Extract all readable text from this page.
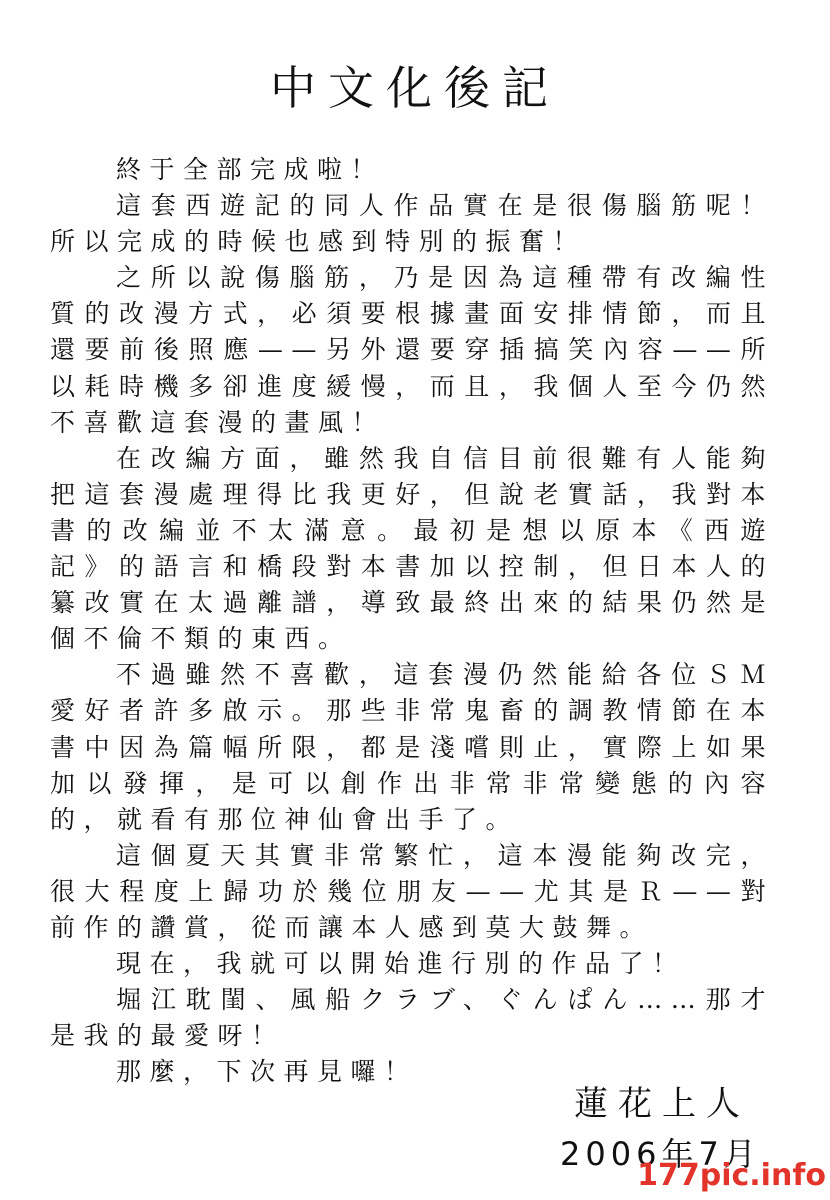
中文化後記

終于全部完成啦！

這套西遊記的同人作品實在是很傷腦筋呢！所以完成的時候也感到特別的振奮！

之所以說傷腦筋，乃是因為這種帶有改編性質的改漫方式，必須要根據畫面安排情節，而且還要前後照應——另外還要穿插搞笑內容——所以耗時機多卻進度緩慢，而且，我個人至今仍然不喜歡這套漫的畫風！

在改編方面，雖然我自信目前很難有人能夠把這套漫處理得比我更好，但說老實話，我對本書的改編並不太滿意。最初是想以原本《西遊記》的語言和橋段對本書加以控制，但日本人的纂改實在太過離譜，導致最終出來的結果仍然是個不倫不類的東西。

不過雖然不喜歡，這套漫仍然能給各位ＳＭ愛好者許多啟示。那些非常鬼畜的調教情節在本書中因為篇幅所限，都是淺嚐則止，實際上如果加以發揮，是可以創作出非常非常變態的內容的，就看有那位神仙會出手了。

這個夏天其實非常繁忙，這本漫能夠改完，很大程度上歸功於幾位朋友——尤其是Ｒ——對前作的讚賞，從而讓本人感到莫大鼓舞。

現在，我就可以開始進行別的作品了！

堀江耽閨、風船クラブ、ぐんぱん……那才是我的最愛呀！

那麼，下次再見囉！

蓮花上人
2006年7月
177pic.info
